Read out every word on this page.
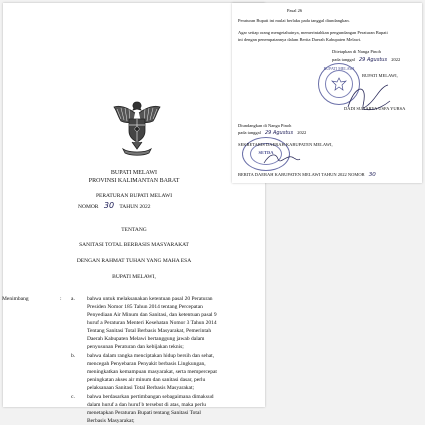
BUPATI MELAWI
PROVINSI KALIMANTAN BARAT
PERATURAN BUPATI MELAWI
NOMOR 30 TAHUN 2022
TENTANG
SANITASI TOTAL BERBASIS MASYARAKAT
DENGAN RAHMAT TUHAN YANG MAHA ESA
BUPATI MELAWI,
Menimbang	: a. bahwa untuk melaksanakan ketentuan pasal 20 Peraturan
Presiden Nomor 185 Tahun 2014 tentang Percepatan
Penyediaan Air Minum dan Sanitasi, dan ketentuan pasal 9
huruf a Peraturan Menteri Kesehatan Nomor 3 Tahun 2014
Tentang Sanitasi Total Berbasis Masyarakat, Pemerintah
Daerah Kabupaten Melawi bertanggung jawab dalam
penyusunan Peraturan dan kebijakan teknis;
b. bahwa dalam rangka menciptakan hidup bersih dan sehat,
mencegah Penyebaran Penyakit berbasis Lingkungan,
meningkatkan kemampuan masyarakat, serta mempercepat
peningkatan akses air minum dan sanitasi dasar, perlu
pelaksanaan Sanitasi Total Berbasis Masyarakat;
c. bahwa berdasarkan pertimbangan sebagaimana dimaksud
dalam huruf a dan huruf b tersebut di atas, maka perlu
menetapkan Peraturan Bupati tentang Sanitasi Total
Berbasis Masyarakat;
Pasal 26
Peraturan Bupati ini mulai berlaku pada tanggal diundangkan.
Agar setiap orang mengetahuinya, memerintahkan pengundangan Peraturan Bupati
ini dengan penempatannya dalam Berita Daerah Kabupaten Melawi.
Ditetapkan di Nanga Pinoh
pada tanggal 29 Agustus 2022
BUPATI MELAWI
BUPATI MELAWI,
DADI SUNARYA USFA YURSA
Diundangkan di Nanga Pinoh
pada tanggal 29 Agustus 2022
SETDA
SEKRETARIS DAERAH KABUPATEN MELAWI,
BERITA DAERAH KABUPATEN MELAWI TAHUN 2022 NOMOR 30
